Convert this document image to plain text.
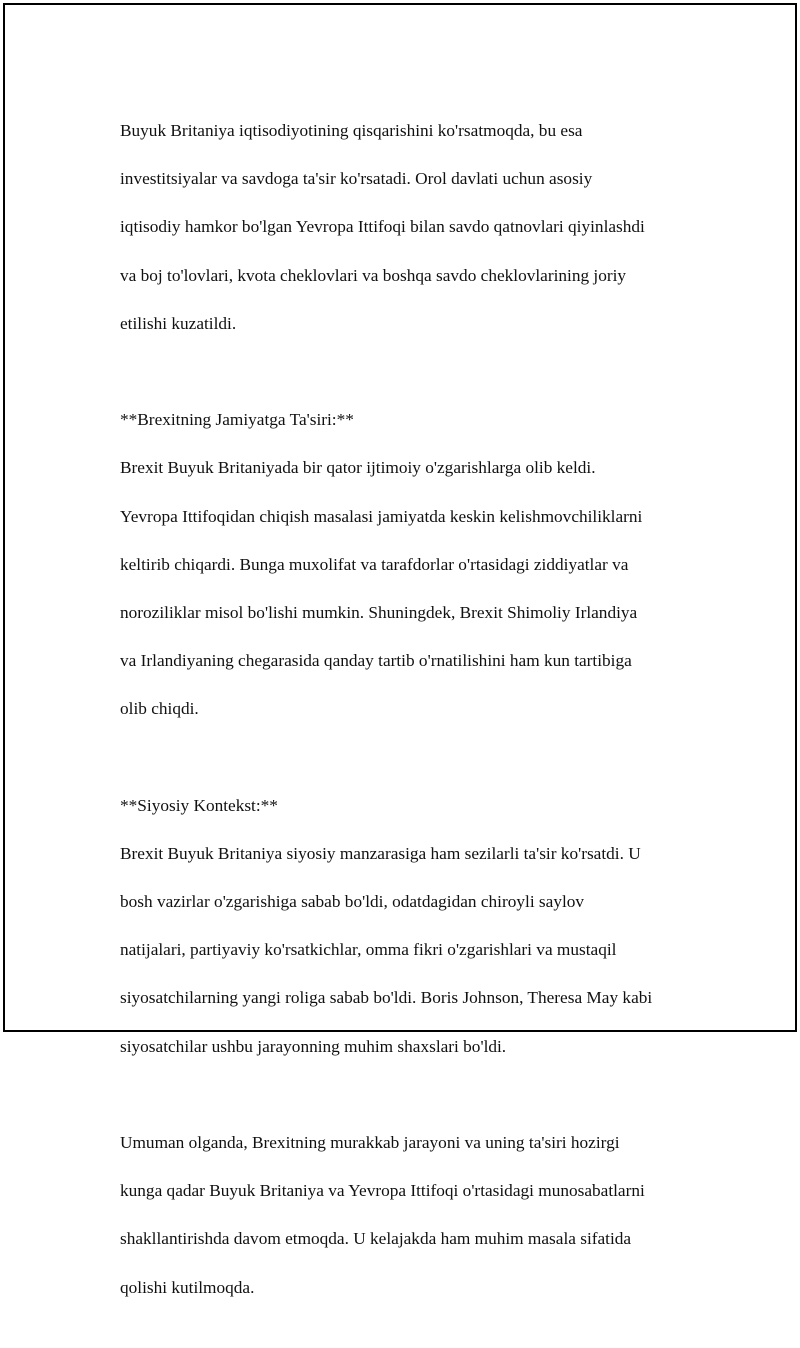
Buyuk Britaniya iqtisodiyotining qisqarishini ko'rsatmoqda, bu esa

investitsiyalar va savdoga ta'sir ko'rsatadi. Orol davlati uchun asosiy

iqtisodiy hamkor bo'lgan Yevropa Ittifoqi bilan savdo qatnovlari qiyinlashdi

va boj to'lovlari, kvota cheklovlari va boshqa savdo cheklovlarining joriy

etilishi kuzatildi.

**Brexitning Jamiyatga Ta'siri:**

Brexit Buyuk Britaniyada bir qator ijtimoiy o'zgarishlarga olib keldi.

Yevropa Ittifoqidan chiqish masalasi jamiyatda keskin kelishmovchiliklarni

keltirib chiqardi. Bunga muxolifat va tarafdorlar o'rtasidagi ziddiyatlar va

noroziliklar misol bo'lishi mumkin. Shuningdek, Brexit Shimoliy Irlandiya

va Irlandiyaning chegarasida qanday tartib o'rnatilishini ham kun tartibiga

olib chiqdi.

**Siyosiy Kontekst:**

Brexit Buyuk Britaniya siyosiy manzarasiga ham sezilarli ta'sir ko'rsatdi. U

bosh vazirlar o'zgarishiga sabab bo'ldi, odatdagidan chiroyli saylov

natijalari, partiyaviy ko'rsatkichlar, omma fikri o'zgarishlari va mustaqil

siyosatchilarning yangi roliga sabab bo'ldi. Boris Johnson, Theresa May kabi

siyosatchilar ushbu jarayonning muhim shaxslari bo'ldi.

Umuman olganda, Brexitning murakkab jarayoni va uning ta'siri hozirgi

kunga qadar Buyuk Britaniya va Yevropa Ittifoqi o'rtasidagi munosabatlarni

shakllantirishda davom etmoqda. U kelajakda ham muhim masala sifatida

qolishi kutilmoqda.
